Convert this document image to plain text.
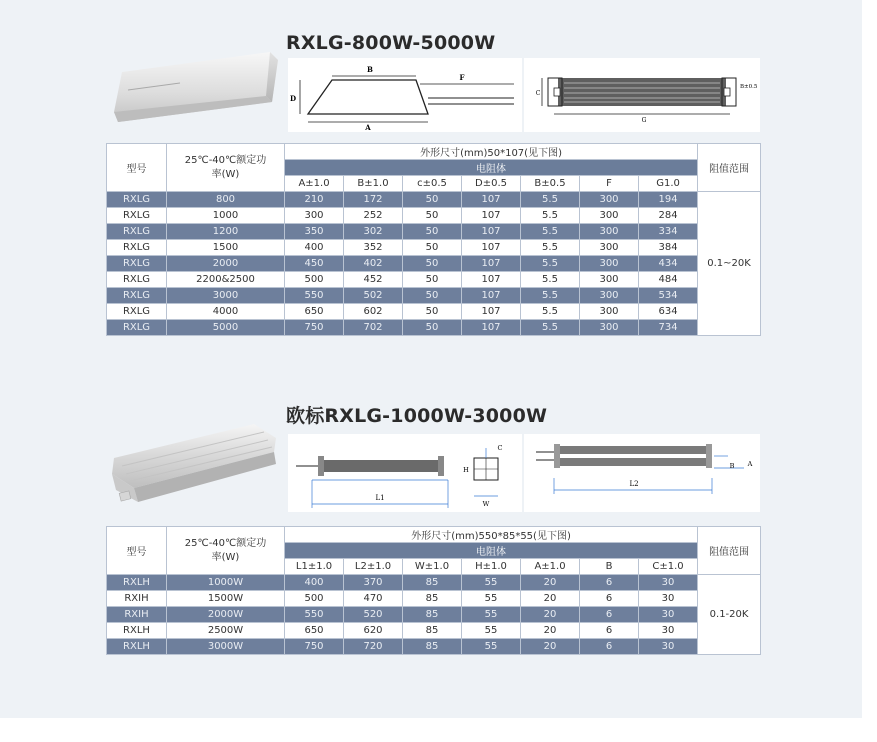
RXLG-800W-5000W
B
F
D
A
C
G
B±0.5
型号	25℃-40℃额定功率(W)	外形尺寸(mm)50*107(见下图)							阻值范围
		电阻体							
		A±1.0	B±1.0	c±0.5	D±0.5	B±0.5	F	G1.0	
RXLG	800	210	172	50	107	5.5	300	194	0.1~20K
RXLG	1000	300	252	50	107	5.5	300	284	
RXLG	1200	350	302	50	107	5.5	300	334	
RXLG	1500	400	352	50	107	5.5	300	384	
RXLG	2000	450	402	50	107	5.5	300	434	
RXLG	2200&2500	500	452	50	107	5.5	300	484	
RXLG	3000	550	502	50	107	5.5	300	534	
RXLG	4000	650	602	50	107	5.5	300	634	
RXLG	5000	750	702	50	107	5.5	300	734	
欧标RXLG-1000W-3000W
L1
C
H
W
L2
B A
型号	25℃-40℃额定功率(W)	外形尺寸(mm)550*85*55(见下图)							阻值范围
		电阻体							
		L1±1.0	L2±1.0	W±1.0	H±1.0	A±1.0	B	C±1.0	
RXLH	1000W	400	370	85	55	20	6	30	0.1-20K
RXIH	1500W	500	470	85	55	20	6	30	
RXIH	2000W	550	520	85	55	20	6	30	
RXLH	2500W	650	620	85	55	20	6	30	
RXLH	3000W	750	720	85	55	20	6	30	
